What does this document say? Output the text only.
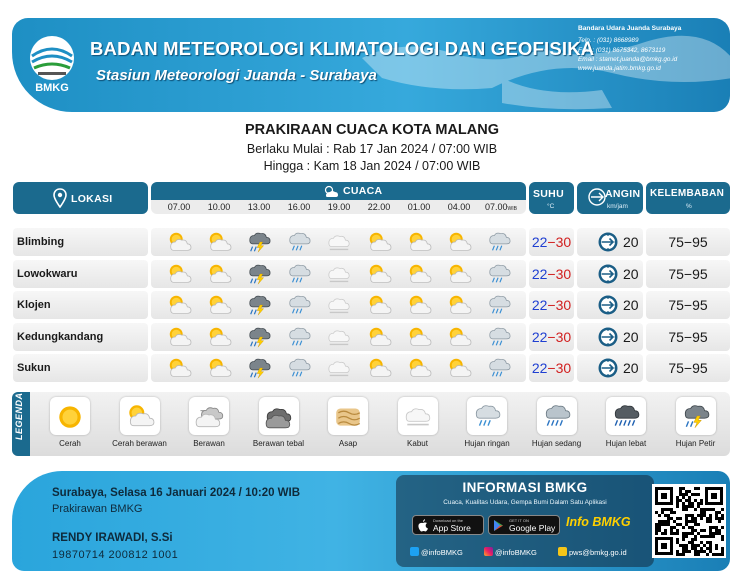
BMKG
BADAN METEOROLOGI KLIMATOLOGI DAN GEOFISIKA
Stasiun Meteorologi Juanda - Surabaya
Bandara Udara Juanda Surabaya
Telp. : (031) 8668989
Fax. : (031) 8675342, 8673119
Email : stamet.juanda@bmkg.go.id
www.juanda.jatim.bmkg.go.id
PRAKIRAAN CUACA KOTA MALANG
Berlaku Mulai : Rab 17 Jan 2024 / 07:00 WIB
Hingga : Kam 18 Jan 2024 / 07:00 WIB
LOKASI
CUACA
07.00	10.00	13.00	16.00	19.00	22.00	01.00	04.00	07.00WIB
SUHU
°C
ANGIN
km/jam
KELEMBABAN
%
Blimbing	22−30	20	75−95
Lowokwaru	22−30	20	75−95
Klojen	22−30	20	75−95
Kedungkandang	22−30	20	75−95
Sukun	22−30	20	75−95
LEGENDA
Cerah	Cerah berawan	Berawan	Berawan tebal	Asap	Kabut	Hujan ringan	Hujan sedang	Hujan lebat	Hujan Petir
Surabaya, Selasa 16 Januari 2024 / 10:20 WIB
Prakirawan BMKG
RENDY IRAWADI, S.Si
19870714 200812 1001
INFORMASI BMKG
Cuaca, Kualitas Udara, Gempa Bumi Dalam Satu Aplikasi
Download on the
App Store
GET IT ON
Google Play Info BMKG
@infoBMKG	@infoBMKG	pws@bmkg.go.id
